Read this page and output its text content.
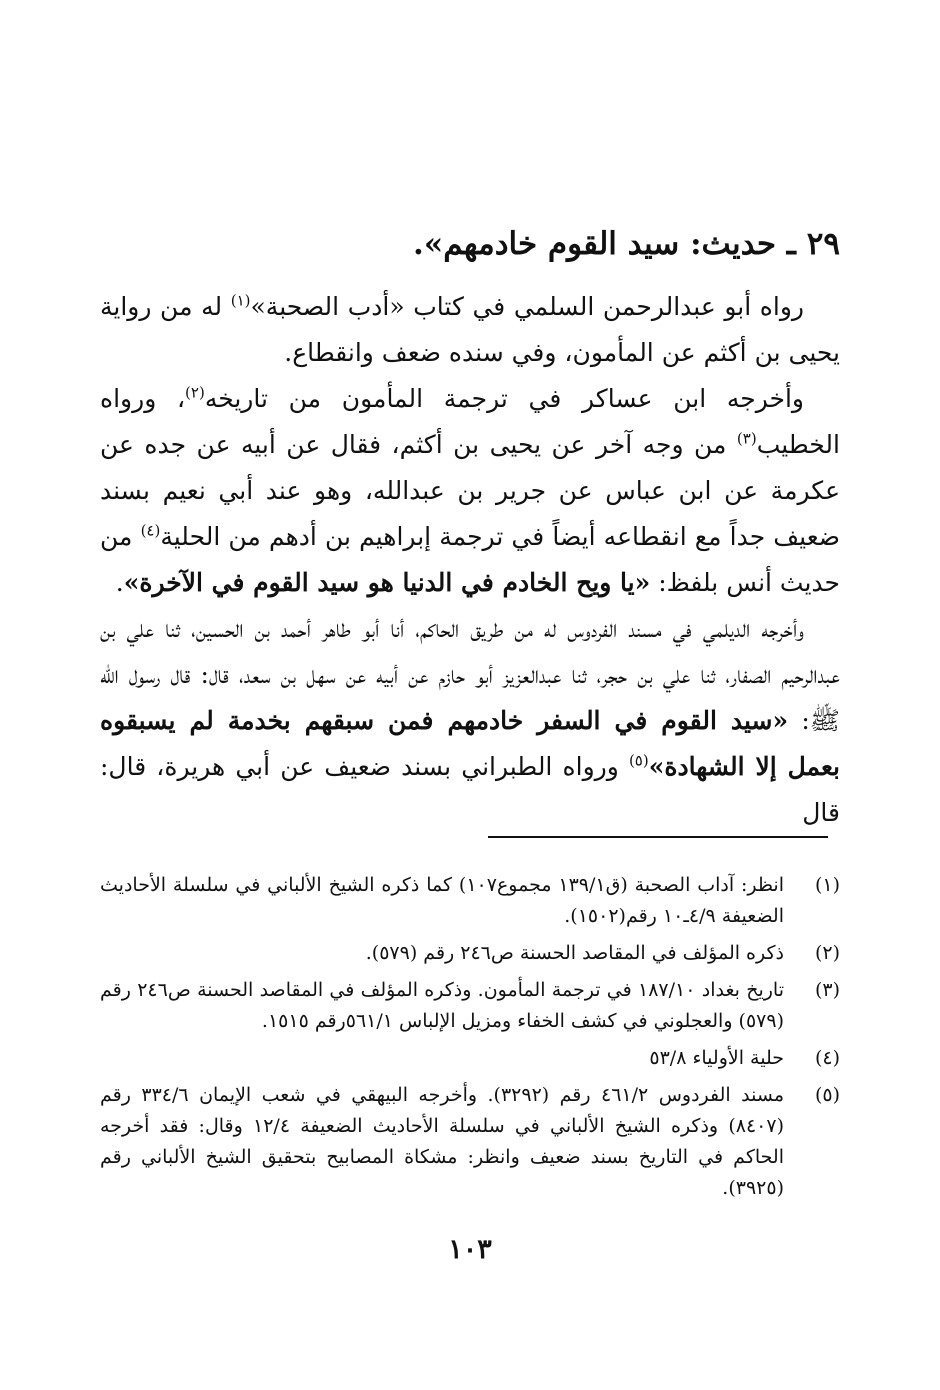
٢٩ ـ حديث: سيد القوم خادمهم».

رواه أبو عبدالرحمن السلمي في كتاب «أدب الصحبة»$^{(١)}$ له من رواية يحيى بن أكثم عن المأمون، وفي سنده ضعف وانقطاع.

وأخرجه ابن عساكر في ترجمة المأمون من تاريخه$^{(٢)}$، ورواه الخطيب$^{(٣)}$ من وجه آخر عن يحيى بن أكثم، فقال عن أبيه عن جده عن عكرمة عن ابن عباس عن جرير بن عبدالله، وهو عند أبي نعيم بسند ضعيف جداً مع انقطاعه أيضاً في ترجمة إبراهيم بن أدهم من الحلية$^{(٤)}$ من حديث أنس بلفظ: «يا ويح الخادم في الدنيا هو سيد القوم في الآخرة».

وأخرجه الديلمي في مسند الفردوس له من طريق الحاكم، أنا أبو طاهر أحمد بن الحسين، ثنا علي بن عبدالرحيم الصفار، ثنا علي بن حجر، ثنا عبدالعزيز أبو حازم عن أبيه عن سهل بن سعد، قال: قال رسول الله ﷺ: «سيد القوم في السفر خادمهم فمن سبقهم بخدمة لم يسبقوه بعمل إلا الشهادة»$^{(٥)}$ ورواه الطبراني بسند ضعيف عن أبي هريرة، قال: قال

(١)
انظر: آداب الصحبة (ق١٣٩/١ مجموع١٠٧) كما ذكره الشيخ الألباني في سلسلة الأحاديث الضعيفة ٤/٩ـ١٠ رقم(١٥٠٢).
(٢)
ذكره المؤلف في المقاصد الحسنة ص٢٤٦ رقم (٥٧٩).
(٣)
تاريخ بغداد ١٨٧/١٠ في ترجمة المأمون. وذكره المؤلف في المقاصد الحسنة ص٢٤٦ رقم (٥٧٩) والعجلوني في كشف الخفاء ومزيل الإلباس ٥٦١/١رقم ١٥١٥.
(٤)
حلية الأولياء ٥٣/٨
(٥)
مسند الفردوس ٤٦١/٢ رقم (٣٢٩٢). وأخرجه البيهقي في شعب الإيمان ٣٣٤/٦ رقم (٨٤٠٧) وذكره الشيخ الألباني في سلسلة الأحاديث الضعيفة ١٢/٤ وقال: فقد أخرجه الحاكم في التاريخ بسند ضعيف وانظر: مشكاة المصابيح بتحقيق الشيخ الألباني رقم (٣٩٢٥).
١٠٣
